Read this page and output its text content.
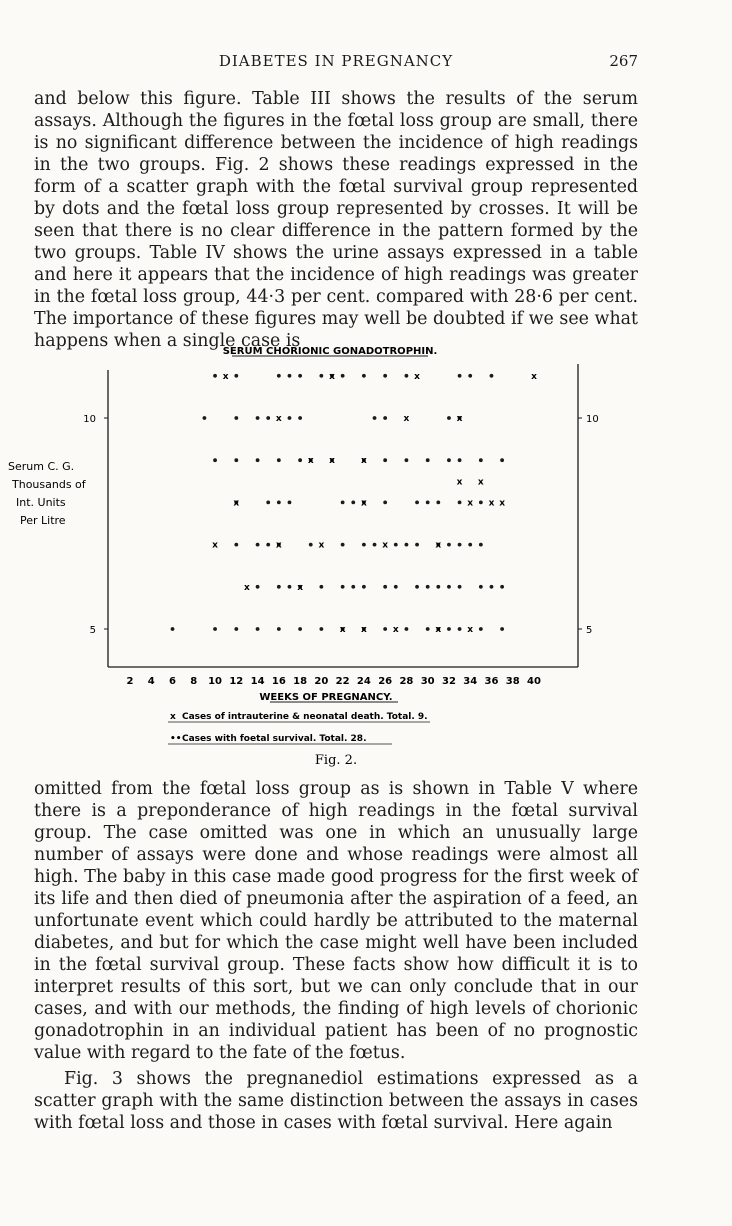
DIABETES IN PREGNANCY	267

and below this figure. Table III shows the results of the serum assays. Although the figures in the fœtal loss group are small, there is no significant difference between the incidence of high readings in the two groups. Fig. 2 shows these readings expressed in the form of a scatter graph with the fœtal survival group represented by dots and the fœtal loss group represented by crosses. It will be seen that there is no clear difference in the pattern formed by the two groups. Table IV shows the urine assays expressed in a table and here it appears that the incidence of high readings was greater in the fœtal loss group, 44·3 per cent. compared with 28·6 per cent. The importance of these figures may well be doubted if we see what happens when a single case is

SERUM CHORIONIC GONADOTROPHIN.
Serum C. G.
Thousands of
Int. Units
Per Litre
5
10
5
10
x	x	x	x
x
x x	x
x	x
x
x
x
x x
x
x
x
x	x
x
x	x
x x	x	x	x
x
2 4 6 8 10 12 14 16 18 20 22 24 26 28 30 32 34 36 38 40
WEEKS OF PREGNANCY.
x Cases of intrauterine & neonatal death. Total. 9.
•• Cases with foetal survival. Total. 28.
Fig. 2.

omitted from the fœtal loss group as is shown in Table V where there is a preponderance of high readings in the fœtal survival group. The case omitted was one in which an unusually large number of assays were done and whose readings were almost all high. The baby in this case made good progress for the first week of its life and then died of pneumonia after the aspiration of a feed, an unfortunate event which could hardly be attributed to the maternal diabetes, and but for which the case might well have been included in the fœtal survival group. These facts show how difficult it is to interpret results of this sort, but we can only conclude that in our cases, and with our methods, the finding of high levels of chorionic gonadotrophin in an individual patient has been of no prognostic value with regard to the fate of the fœtus.

Fig. 3 shows the pregnanediol estimations expressed as a scatter graph with the same distinction between the assays in cases with fœtal loss and those in cases with fœtal survival. Here again
